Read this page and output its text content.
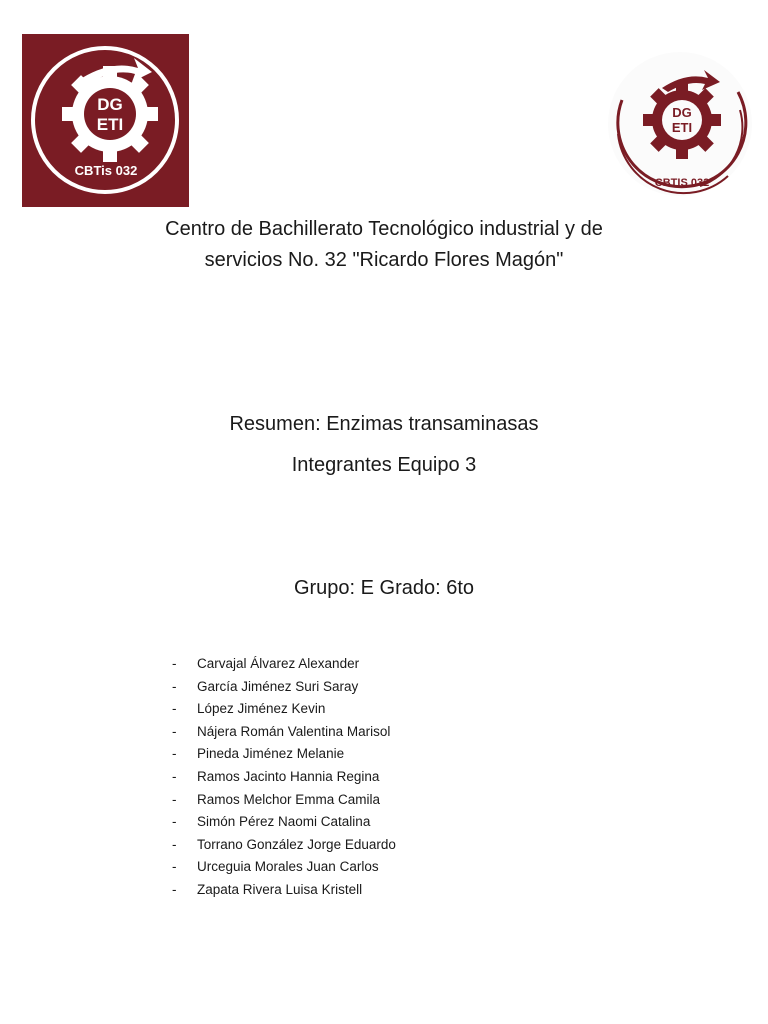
DG
ETI
CBTis 032
DG
ETI
CBTIS 032
Centro de Bachillerato Tecnológico industrial y de
servicios No. 32 "Ricardo Flores Magón"
Resumen: Enzimas transaminasas
Integrantes Equipo 3
Grupo: E Grado: 6to
-	Carvajal Álvarez Alexander
-	García Jiménez Suri Saray
-	López Jiménez Kevin
-	Nájera Román Valentina Marisol
-	Pineda Jiménez Melanie
-	Ramos Jacinto Hannia Regina
-	Ramos Melchor Emma Camila
-	Simón Pérez Naomi Catalina
-	Torrano González Jorge Eduardo
-	Urceguia Morales Juan Carlos
-	Zapata Rivera Luisa Kristell
